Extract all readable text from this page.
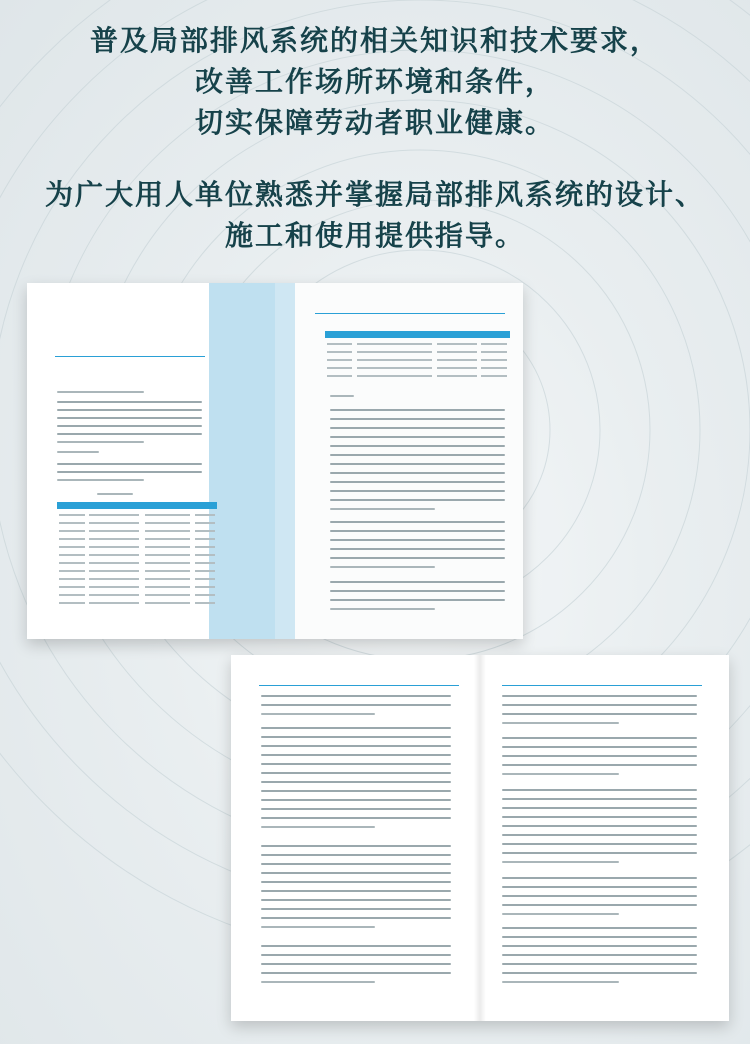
普及局部排风系统的相关知识和技术要求，
改善工作场所环境和条件，
切实保障劳动者职业健康。
为广大用人单位熟悉并掌握局部排风系统的设计、
施工和使用提供指导。
